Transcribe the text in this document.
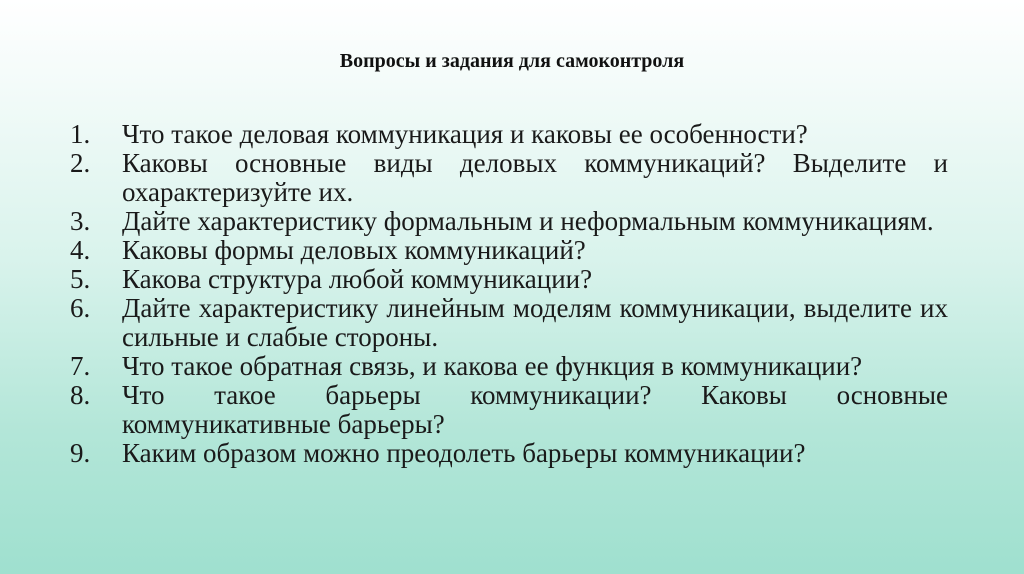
Вопросы и задания для самоконтроля
1.	Что такое деловая коммуникация и каковы ее особенности?
2.	Каковы основные виды деловых коммуникаций? Выделите и охарактеризуйте их.
3.	Дайте характеристику формальным и неформальным коммуникациям.
4.	Каковы формы деловых коммуникаций?
5.	Какова структура любой коммуникации?
6.	Дайте характеристику линейным моделям коммуникации, выделите их сильные и слабые стороны.
7.	Что такое обратная связь, и какова ее функция в коммуникации?
8.	Что такое барьеры коммуникации? Каковы основные коммуникативные барьеры?
9.	Каким образом можно преодолеть барьеры коммуникации?
